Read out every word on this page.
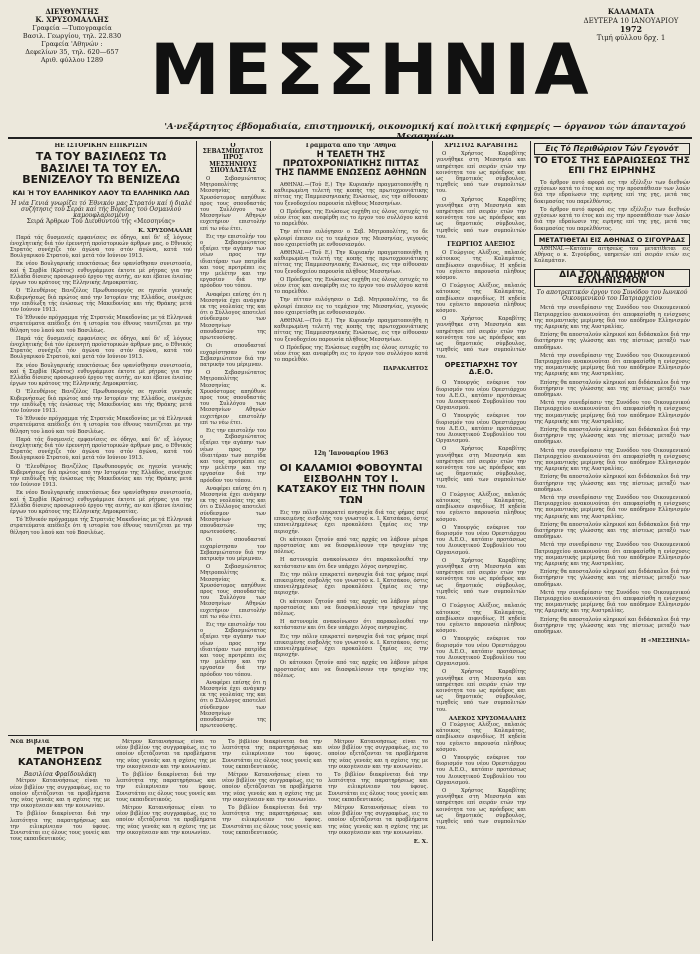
ΔΙΕΥΘΥΝΤΗΣ
Κ. ΧΡΥΣΟΜΑΛΛΗΣ
Γραφεία —Τυπογραφεία
Βασιλ. Γεωργίου, τηλ. 22.830
Γραφεία 'Αθηνών :
Δεφελίων 35, τηλ. 620—657
Αριθ. φύλλου 1289 ΜΕΣΣΗΝΙΑ
ΚΑΛΑΜΑΤΑ
ΔΕΥΤΕΡΑ 10 ΙΑΝΟΥΑΡΙΟΥ
1972
Τιμή φύλλου δρχ. 1
'Α·νεξάρτητος έβδομαδιαία, επιστημονική, οικονομική καί πολιτική εφημερίς — όργανον τών άπανταχού
ΗΕ ΙΣΤΟΡΙΚΗΝ ΕΠΙΚΡΙΣΙΝ
ΤΑ ΤΟΥ ΒΑΣΙΛΕΩΣ ΤΩ ΒΑΣΙΛΕΙ ΤΑ ΤΟΥ ΕΛ. ΒΕΝΙΖΕΛΟΥ ΤΩ ΒΕΝΙΖΕΛΩ
ΚΑΙ Ή ΤΟΥ ΕΛΛΗΝΙΚΟΥ ΛΑΟΥ ΤΩ ΕΛΛΗΝΙΚΩ ΛΑΩ
Ή νέα Γενιά γνωρίζει τό Έθνικόν μας Στρατόν καί ή διαλέ συζήτησις τού Σεράι καί τής Βορείας τού Οσμανλού καμουφλαρισμένη
Σειρά Άρθρων Τού Διευθυντού τής «Μεσσηνίας»
Κ. ΧΡΥΣΟΜΑΛΛΗ

Παρά τάς δυσμενείς εμφανίσεις σε όδηγο, καί δι' εξ λόγους ένοχλητικής διά τόν έρευνητή προϊστορικών άρθρων μας, ο Εθνικός Στρατός συνέχιζε τόν άγώνα του στόν άγώνα, κατά τού Βουλγαρικού Στρατού, καί μετά τόν Ιούνιον 1913.

Εκ νέου Βουλγαρικής επεκτάσεως δεν ιφανίσθησαν συνιστοσία, καί ή Σερβία (Κράτος) ευθυγράμμισε έκτοτε μέ ρήτρας για την Ελλάδα δίσεσις προσωρινού έργου της αυτής, αν και έβαινε ένιαίας έργων του κράτους της Ελληνικής Δημοκρατίας.

Ό 'Ελευθέριος Βενιζέλος Πρωθυπουργός σε ηγεσία γενικής Κυβερνήσεως διά πρώτος από την Ιστορίαν της Ελλάδος, συνέχισε την επιδίωξη τής ένώσεως τής Μακεδονίας και τής Θράκης μετά τόν Ιούνιον 1913.

Τό Έθνικόν πρόγραμμα τής Στρατιάς Μακεδονίας με τά Ελληνικά στρατεύματα απέδειξε ότι ή ιστορία του έθνους ταυτίζεται με την θέληση του λαού και τού Βασιλέως.

Παρά τάς δυσμενείς εμφανίσεις σε όδηγο, καί δι' εξ λόγους ένοχλητικής διά τόν έρευνητή προϊστορικών άρθρων μας, ο Εθνικός Στρατός συνέχιζε τόν άγώνα του στόν άγώνα, κατά τού Βουλγαρικού Στρατού, καί μετά τόν Ιούνιον 1913.

Εκ νέου Βουλγαρικής επεκτάσεως δεν ιφανίσθησαν συνιστοσία, καί ή Σερβία (Κράτος) ευθυγράμμισε έκτοτε μέ ρήτρας για την Ελλάδα δίσεσις προσωρινού έργου της αυτής, αν και έβαινε ένιαίας έργων του κράτους της Ελληνικής Δημοκρατίας.

Ό 'Ελευθέριος Βενιζέλος Πρωθυπουργός σε ηγεσία γενικής Κυβερνήσεως διά πρώτος από την Ιστορίαν της Ελλάδος, συνέχισε την επιδίωξη τής ένώσεως τής Μακεδονίας και τής Θράκης μετά τόν Ιούνιον 1913.

Τό Έθνικόν πρόγραμμα τής Στρατιάς Μακεδονίας με τά Ελληνικά στρατεύματα απέδειξε ότι ή ιστορία του έθνους ταυτίζεται με την θέληση του λαού και τού Βασιλέως.

Παρά τάς δυσμενείς εμφανίσεις σε όδηγο, καί δι' εξ λόγους ένοχλητικής διά τόν έρευνητή προϊστορικών άρθρων μας, ο Εθνικός Στρατός συνέχιζε τόν άγώνα του στόν άγώνα, κατά τού Βουλγαρικού Στρατού, καί μετά τόν Ιούνιον 1913.

Ό 'Ελευθέριος Βενιζέλος Πρωθυπουργός σε ηγεσία γενικής Κυβερνήσεως διά πρώτος από την Ιστορίαν της Ελλάδος, συνέχισε την επιδίωξη τής ένώσεως τής Μακεδονίας και τής Θράκης μετά τόν Ιούνιον 1913.

Εκ νέου Βουλγαρικής επεκτάσεως δεν ιφανίσθησαν συνιστοσία, καί ή Σερβία (Κράτος) ευθυγράμμισε έκτοτε μέ ρήτρας για την Ελλάδα δίσεσις προσωρινού έργου της αυτής, αν και έβαινε ένιαίας έργων του κράτους της Ελληνικής Δημοκρατίας.

Τό Έθνικόν πρόγραμμα τής Στρατιάς Μακεδονίας με τά Ελληνικά στρατεύματα απέδειξε ότι ή ιστορία του έθνους ταυτίζεται με την θέληση του λαού και τού Βασιλέως.

Ο ΣΕΒΑΣΜΙΩΤΑΤΟΣ ΠΡΟΣ ΜΕΣΣΗΝΙΟΥΣ ΣΠΟΥΔΑΣΤΑΣ

Ο Σεβασμιώτατος Μητροπολίτης Μεσσηνίας κ. Χρυσόστομος απηύθυνε προς τους σπουδαστάς του Συλλόγου των Μεσσηνίων Αθηνών ευχετήριον επιστολήν επί τω νέω έτει.

Εις την επιστολήν του ο Σεβασμιώτατος εξαίρει την αγάπην των νέων προς την ιδιαιτέραν των πατρίδα και τους προτρέπει εις την μελέτην και την εργασίαν διά την πρόοδον του τόπου.

Αναφέρει επίσης ότι η Μεσσηνία έχει ανάγκην εκ της νεολαίας της και ότι ο Σύλλογος αποτελεί σύνδεσμον των Μεσσηνίων σπουδαστών της πρωτευούσης.

Οι σπουδασταί ευχαρίστησαν τον Σεβασμιώτατον διά την πατρικήν του μέριμναν.

Ο Σεβασμιώτατος Μητροπολίτης Μεσσηνίας κ. Χρυσόστομος απηύθυνε προς τους σπουδαστάς του Συλλόγου των Μεσσηνίων Αθηνών ευχετήριον επιστολήν επί τω νέω έτει.

Εις την επιστολήν του ο Σεβασμιώτατος εξαίρει την αγάπην των νέων προς την ιδιαιτέραν των πατρίδα και τους προτρέπει εις την μελέτην και την εργασίαν διά την πρόοδον του τόπου.

Αναφέρει επίσης ότι η Μεσσηνία έχει ανάγκην εκ της νεολαίας της και ότι ο Σύλλογος αποτελεί σύνδεσμον των Μεσσηνίων σπουδαστών της πρωτευούσης.

Οι σπουδασταί ευχαρίστησαν τον Σεβασμιώτατον διά την πατρικήν του μέριμναν.

Ο Σεβασμιώτατος Μητροπολίτης Μεσσηνίας κ. Χρυσόστομος απηύθυνε προς τους σπουδαστάς του Συλλόγου των Μεσσηνίων Αθηνών ευχετήριον επιστολήν επί τω νέω έτει.

Εις την επιστολήν του ο Σεβασμιώτατος εξαίρει την αγάπην των νέων προς την ιδιαιτέραν των πατρίδα και τους προτρέπει εις την μελέτην και την εργασίαν διά την πρόοδον του τόπου.

Αναφέρει επίσης ότι η Μεσσηνία έχει ανάγκην εκ της νεολαίας της και ότι ο Σύλλογος αποτελεί σύνδεσμον των Μεσσηνίων σπουδαστών της πρωτευούσης.

Γράμματα άπό τήν 'Αθήνα
Η ΤΕΛΕΤΗ ΤΗΣ ΠΡΩΤΟΧΡΟΝΙΑΤΙΚΗΣ ΠΙΤΤΑΣ ΤΗΣ ΠΑΜΜΕ ΕΝΩΣΕΩΣ ΑΘΗΝΩΝ

ΑΘΗΝΑΙ.—(Τού Ε.) Την Κυριακήν πραγματοποιήθη η καθιερωμένη τελετή της κοπής της πρωτοχρονιάτικης πίττας της Παμμεσσηνιακής Ενώσεως, εις την αίθουσαν του ξενοδοχείου παρουσία πλήθους Μεσσηνίων.

Ο Πρόεδρος της Ενώσεως ευχήθη εις όλους ευτυχές το νέον έτος και ανεφέρθη εις το έργον του συλλόγου κατά το παρελθόν.

Την πίτταν ευλόγησεν ο Σεβ. Μητροπολίτης, το δε φλουρί έπεσεν εις το τεμάχιον της Μεσσηνίας, γεγονός που εχαιρετίσθη με ενθουσιασμόν.

ΑΘΗΝΑΙ.—(Τού Ε.) Την Κυριακήν πραγματοποιήθη η καθιερωμένη τελετή της κοπής της πρωτοχρονιάτικης πίττας της Παμμεσσηνιακής Ενώσεως, εις την αίθουσαν του ξενοδοχείου παρουσία πλήθους Μεσσηνίων.

Ο Πρόεδρος της Ενώσεως ευχήθη εις όλους ευτυχές το νέον έτος και ανεφέρθη εις το έργον του συλλόγου κατά το παρελθόν.

Την πίτταν ευλόγησεν ο Σεβ. Μητροπολίτης, το δε φλουρί έπεσεν εις το τεμάχιον της Μεσσηνίας, γεγονός που εχαιρετίσθη με ενθουσιασμόν.

ΑΘΗΝΑΙ.—(Τού Ε.) Την Κυριακήν πραγματοποιήθη η καθιερωμένη τελετή της κοπής της πρωτοχρονιάτικης πίττας της Παμμεσσηνιακής Ενώσεως, εις την αίθουσαν του ξενοδοχείου παρουσία πλήθους Μεσσηνίων.

Ο Πρόεδρος της Ενώσεως ευχήθη εις όλους ευτυχές το νέον έτος και ανεφέρθη εις το έργον του συλλόγου κατά το παρελθόν.

ΠΑΡΑΚΛΗΤΟΣ
12η 'Ιανουαρίου 1963
ΟΙ ΚΑΛΑΜΙΟΙ ΦΟΒΟΥΝΤΑΙ ΕΙΣΒΟΛΗΝ ΤΟΥ Ι. ΚΑΤΣΑΚΟΥ ΕΙΣ ΤΗΝ ΠΟΛΙΝ ΤΩΝ

Εις την πόλιν επικρατεί ανησυχία διά τας φήμας περί επικειμένης εισβολής του γνωστού κ. Ι. Κατσάκου, όστις επανειλημμένως έχει προκαλέσει ζημίας εις την περιοχήν.

Οι κάτοικοι ζητούν από τας αρχάς να λάβουν μέτρα προστασίας και να διασφαλίσουν την ησυχίαν της πόλεως.

Η αστυνομία ανακοίνωσεν ότι παρακολουθεί την κατάστασιν και ότι δεν υπάρχει λόγος ανησυχίας.

Εις την πόλιν επικρατεί ανησυχία διά τας φήμας περί επικειμένης εισβολής του γνωστού κ. Ι. Κατσάκου, όστις επανειλημμένως έχει προκαλέσει ζημίας εις την περιοχήν.

Οι κάτοικοι ζητούν από τας αρχάς να λάβουν μέτρα προστασίας και να διασφαλίσουν την ησυχίαν της πόλεως.

Η αστυνομία ανακοίνωσεν ότι παρακολουθεί την κατάστασιν και ότι δεν υπάρχει λόγος ανησυχίας.

Εις την πόλιν επικρατεί ανησυχία διά τας φήμας περί επικειμένης εισβολής του γνωστού κ. Ι. Κατσάκου, όστις επανειλημμένως έχει προκαλέσει ζημίας εις την περιοχήν.

Οι κάτοικοι ζητούν από τας αρχάς να λάβουν μέτρα προστασίας και να διασφαλίσουν την ησυχίαν της πόλεως.

ΧΡΙΣΤΟΣ ΚΑΡΑΒΙΤΗΣ

Ο Χρήστος Καραβίτης γεννήθηκε στη Μεσσηνία και υπηρέτησε επί σειράν ετών την κοινότητα του ως πρόεδρος και ως δημοτικός σύμβουλος, τιμηθείς υπό των συμπολιτών του.

Ο Χρήστος Καραβίτης γεννήθηκε στη Μεσσηνία και υπηρέτησε επί σειράν ετών την κοινότητα του ως πρόεδρος και ως δημοτικός σύμβουλος, τιμηθείς υπό των συμπολιτών του.

ΓΕΩΡΓΙΟΣ ΑΛΕΞΙΟΣ

Ο Γεώργιος Αλέξιος, παλαιός κάτοικος της Καλαμάτας, απεβίωσεν αιφνιδίως. Η κηδεία του εγένετο παρουσία πλήθους κόσμου.

Ο Γεώργιος Αλέξιος, παλαιός κάτοικος της Καλαμάτας, απεβίωσεν αιφνιδίως. Η κηδεία του εγένετο παρουσία πλήθους κόσμου.

Ο Χρήστος Καραβίτης γεννήθηκε στη Μεσσηνία και υπηρέτησε επί σειράν ετών την κοινότητα του ως πρόεδρος και ως δημοτικός σύμβουλος, τιμηθείς υπό των συμπολιτών του.

ΟΡΕΣΤΙΑΡΧΗΣ ΤΟΥ Δ.Ε.Ο.

Ο Υπουργός ενέκρινε τον διορισμόν του νέου Ορεστιάρχου του Δ.Ε.Ο., κατόπιν προτάσεως του Διοικητικού Συμβουλίου του Οργανισμού.

Ο Υπουργός ενέκρινε τον διορισμόν του νέου Ορεστιάρχου του Δ.Ε.Ο., κατόπιν προτάσεως του Διοικητικού Συμβουλίου του Οργανισμού.

Ο Χρήστος Καραβίτης γεννήθηκε στη Μεσσηνία και υπηρέτησε επί σειράν ετών την κοινότητα του ως πρόεδρος και ως δημοτικός σύμβουλος, τιμηθείς υπό των συμπολιτών του.

Ο Γεώργιος Αλέξιος, παλαιός κάτοικος της Καλαμάτας, απεβίωσεν αιφνιδίως. Η κηδεία του εγένετο παρουσία πλήθους κόσμου.

Ο Υπουργός ενέκρινε τον διορισμόν του νέου Ορεστιάρχου του Δ.Ε.Ο., κατόπιν προτάσεως του Διοικητικού Συμβουλίου του Οργανισμού.

Ο Χρήστος Καραβίτης γεννήθηκε στη Μεσσηνία και υπηρέτησε επί σειράν ετών την κοινότητα του ως πρόεδρος και ως δημοτικός σύμβουλος, τιμηθείς υπό των συμπολιτών του.

Ο Γεώργιος Αλέξιος, παλαιός κάτοικος της Καλαμάτας, απεβίωσεν αιφνιδίως. Η κηδεία του εγένετο παρουσία πλήθους κόσμου.

Ο Υπουργός ενέκρινε τον διορισμόν του νέου Ορεστιάρχου του Δ.Ε.Ο., κατόπιν προτάσεως του Διοικητικού Συμβουλίου του Οργανισμού.

Ο Χρήστος Καραβίτης γεννήθηκε στη Μεσσηνία και υπηρέτησε επί σειράν ετών την κοινότητα του ως πρόεδρος και ως δημοτικός σύμβουλος, τιμηθείς υπό των συμπολιτών του.

ΑΛΕΚΟΣ ΧΡΥΣΟΜΑΛΛΗΣ

Ο Γεώργιος Αλέξιος, παλαιός κάτοικος της Καλαμάτας, απεβίωσεν αιφνιδίως. Η κηδεία του εγένετο παρουσία πλήθους κόσμου.

Ο Υπουργός ενέκρινε τον διορισμόν του νέου Ορεστιάρχου του Δ.Ε.Ο., κατόπιν προτάσεως του Διοικητικού Συμβουλίου του Οργανισμού.

Ο Χρήστος Καραβίτης γεννήθηκε στη Μεσσηνία και υπηρέτησε επί σειράν ετών την κοινότητα του ως πρόεδρος και ως δημοτικός σύμβουλος, τιμηθείς υπό των συμπολιτών του.

Εις Τό Περιθώριον Τών Γεγονότ
ΤΟ ΕΤΟΣ ΤΗΣ ΕΔΡΑΙΩΣΕΩΣ ΤΗΣ ΕΠΙ ΓΗΣ ΕΙΡΗΝΗΣ

Το άρθρον αυτό αφορά εις την εξέλιξιν των διεθνών σχέσεων κατά το έτος και εις την προσπάθειαν των λαών διά την εδραίωσιν της ειρήνης επί της γης, μετά τας δοκιμασίας του παρελθόντος.

Το άρθρον αυτό αφορά εις την εξέλιξιν των διεθνών σχέσεων κατά το έτος και εις την προσπάθειαν των λαών διά την εδραίωσιν της ειρήνης επί της γης, μετά τας δοκιμασίας του παρελθόντος.

ΜΕΤΑΤΙΘΕΤΑΙ ΕΙΣ ΑΘΗΝΑΣ Ο ΣΙΓΟΥΡΔΑΣ

ΑΘΗΝΑΙ.—Κατόπιν αιτήσεώς του μετατίθεται εις Αθήνας ο κ. Σιγούρδας, υπηρετών επί σειράν ετών εις Καλαμάταν.

ΔΙΑ ΤΟΝ ΑΠΟΔΗΜΟΝ ΕΛΛΗΝΙΣΜΟΝ
Το αποτρεπτικόν έργον του Συνόδου του Ιωνικού Οικουμενικού του Πατριαρχείου

Μετά την συνεδρίασιν της Συνόδου του Οικουμενικού Πατριαρχείου ανακοινούται ότι απεφασίσθη η ενίσχυσις της ποιμαντικής μερίμνης διά τον απόδημον Ελληνισμόν της Αμερικής και της Αυστραλίας.

Επίσης θα αποσταλούν κληρικοί και διδάσκαλοι διά την διατήρησιν της γλώσσης και της πίστεως μεταξύ των αποδήμων.

Μετά την συνεδρίασιν της Συνόδου του Οικουμενικού Πατριαρχείου ανακοινούται ότι απεφασίσθη η ενίσχυσις της ποιμαντικής μερίμνης διά τον απόδημον Ελληνισμόν της Αμερικής και της Αυστραλίας.

Επίσης θα αποσταλούν κληρικοί και διδάσκαλοι διά την διατήρησιν της γλώσσης και της πίστεως μεταξύ των αποδήμων.

Μετά την συνεδρίασιν της Συνόδου του Οικουμενικού Πατριαρχείου ανακοινούται ότι απεφασίσθη η ενίσχυσις της ποιμαντικής μερίμνης διά τον απόδημον Ελληνισμόν της Αμερικής και της Αυστραλίας.

Επίσης θα αποσταλούν κληρικοί και διδάσκαλοι διά την διατήρησιν της γλώσσης και της πίστεως μεταξύ των αποδήμων.

Μετά την συνεδρίασιν της Συνόδου του Οικουμενικού Πατριαρχείου ανακοινούται ότι απεφασίσθη η ενίσχυσις της ποιμαντικής μερίμνης διά τον απόδημον Ελληνισμόν της Αμερικής και της Αυστραλίας.

Επίσης θα αποσταλούν κληρικοί και διδάσκαλοι διά την διατήρησιν της γλώσσης και της πίστεως μεταξύ των αποδήμων.

Μετά την συνεδρίασιν της Συνόδου του Οικουμενικού Πατριαρχείου ανακοινούται ότι απεφασίσθη η ενίσχυσις της ποιμαντικής μερίμνης διά τον απόδημον Ελληνισμόν της Αμερικής και της Αυστραλίας.

Επίσης θα αποσταλούν κληρικοί και διδάσκαλοι διά την διατήρησιν της γλώσσης και της πίστεως μεταξύ των αποδήμων.

Μετά την συνεδρίασιν της Συνόδου του Οικουμενικού Πατριαρχείου ανακοινούται ότι απεφασίσθη η ενίσχυσις της ποιμαντικής μερίμνης διά τον απόδημον Ελληνισμόν της Αμερικής και της Αυστραλίας.

Επίσης θα αποσταλούν κληρικοί και διδάσκαλοι διά την διατήρησιν της γλώσσης και της πίστεως μεταξύ των αποδήμων.

Μετά την συνεδρίασιν της Συνόδου του Οικουμενικού Πατριαρχείου ανακοινούται ότι απεφασίσθη η ενίσχυσις της ποιμαντικής μερίμνης διά τον απόδημον Ελληνισμόν της Αμερικής και της Αυστραλίας.

Επίσης θα αποσταλούν κληρικοί και διδάσκαλοι διά την διατήρησιν της γλώσσης και της πίστεως μεταξύ των αποδήμων.

Η «ΜΕΣΣΗΝΙΑ»
Νέα Βιβλία
ΜΕΤΡΟΝ ΚΑΤΑΝΟΗΣΕΩΣ
Βασιλίσα Φραϊδουλάκη

Μέτρον Κατανοήσεως είναι το νέον βιβλίον της συγγραφέως, εις το οποίον εξετάζονται τα προβλήματα της νέας γενεάς και η σχέσις της με την οικογένειαν και την κοινωνίαν.

Το βιβλίον διακρίνεται διά την λεπτότητα της παρατηρήσεως και την ειλικρίνειαν του ύφους. Συνιστάται εις όλους τους γονείς και τους εκπαιδευτικούς.

Μέτρον Κατανοήσεως είναι το νέον βιβλίον της συγγραφέως, εις το οποίον εξετάζονται τα προβλήματα της νέας γενεάς και η σχέσις της με την οικογένειαν και την κοινωνίαν.

Το βιβλίον διακρίνεται διά την λεπτότητα της παρατηρήσεως και την ειλικρίνειαν του ύφους. Συνιστάται εις όλους τους γονείς και τους εκπαιδευτικούς.

Μέτρον Κατανοήσεως είναι το νέον βιβλίον της συγγραφέως, εις το οποίον εξετάζονται τα προβλήματα της νέας γενεάς και η σχέσις της με την οικογένειαν και την κοινωνίαν.

Το βιβλίον διακρίνεται διά την λεπτότητα της παρατηρήσεως και την ειλικρίνειαν του ύφους. Συνιστάται εις όλους τους γονείς και τους εκπαιδευτικούς.

Μέτρον Κατανοήσεως είναι το νέον βιβλίον της συγγραφέως, εις το οποίον εξετάζονται τα προβλήματα της νέας γενεάς και η σχέσις της με την οικογένειαν και την κοινωνίαν.

Το βιβλίον διακρίνεται διά την λεπτότητα της παρατηρήσεως και την ειλικρίνειαν του ύφους. Συνιστάται εις όλους τους γονείς και τους εκπαιδευτικούς.

Μέτρον Κατανοήσεως είναι το νέον βιβλίον της συγγραφέως, εις το οποίον εξετάζονται τα προβλήματα της νέας γενεάς και η σχέσις της με την οικογένειαν και την κοινωνίαν.

Το βιβλίον διακρίνεται διά την λεπτότητα της παρατηρήσεως και την ειλικρίνειαν του ύφους. Συνιστάται εις όλους τους γονείς και τους εκπαιδευτικούς.

Μέτρον Κατανοήσεως είναι το νέον βιβλίον της συγγραφέως, εις το οποίον εξετάζονται τα προβλήματα της νέας γενεάς και η σχέσις της με την οικογένειαν και την κοινωνίαν.

Ε. Χ.
